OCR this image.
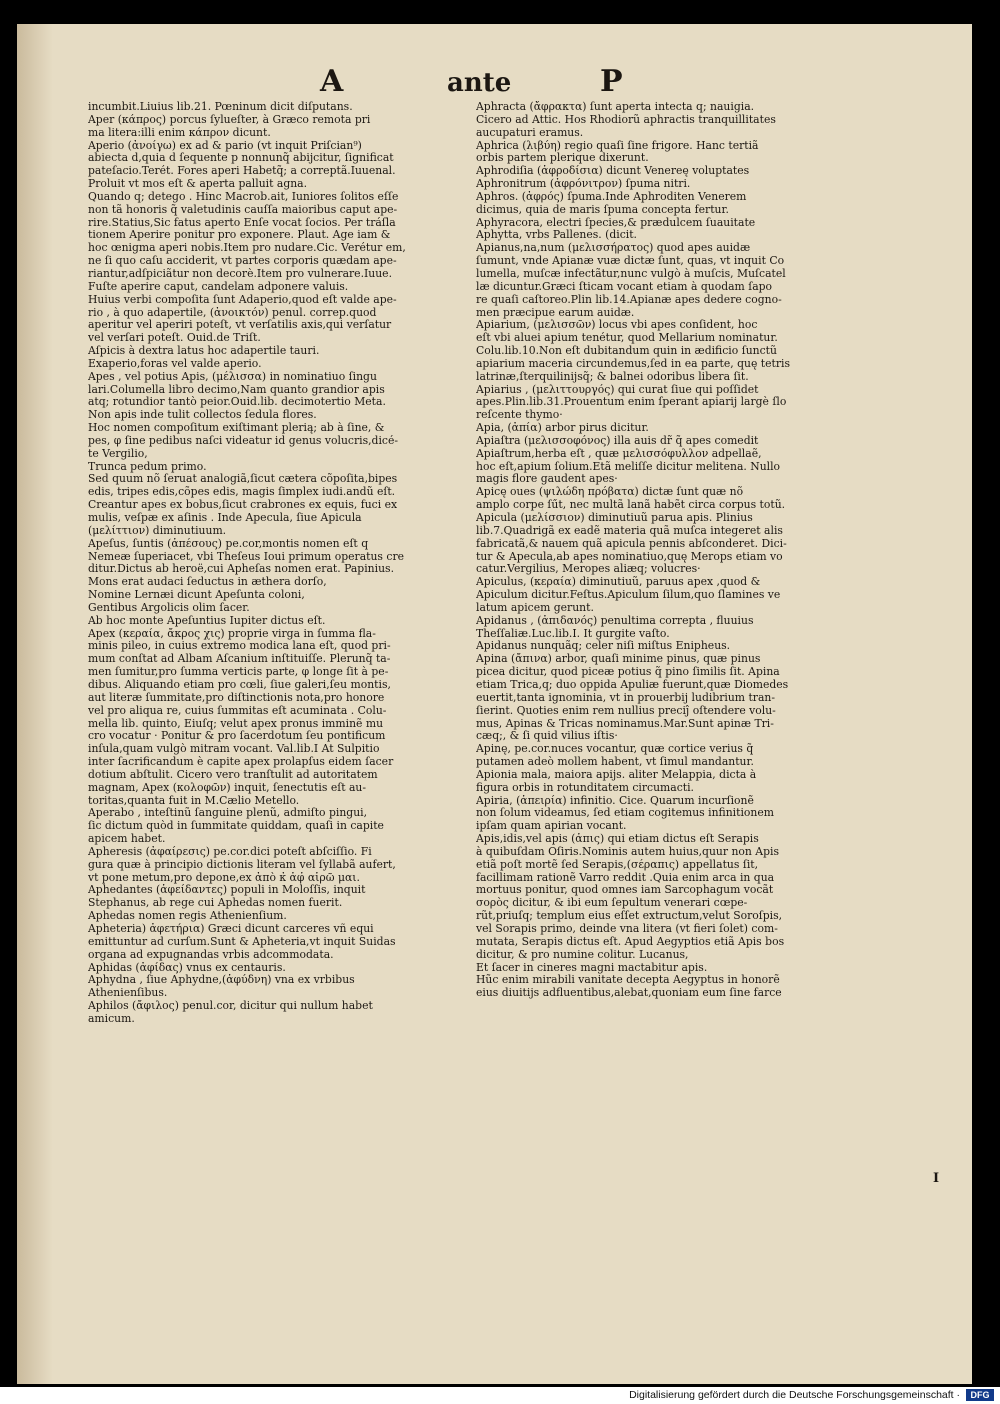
A	ante	P
incumbit.Liuius lib.21. Pœninum dicit diſputans.
Aper (κάπρος) porcus ſylueſter, à Græco remota pri
ma litera:illi enim κάπρον dicunt.
Aperio (ἀνοίγω) ex ad & pario (vt inquit Priſcian⁹)
abiecta d,quia d ſequente p nonnunq̃ abijcitur, ſignificat
pateſacio.Terét. Fores aperi Habetq̃; a correptã.Iuuenal.
Proluit vt mos eſt & aperta palluit agna.
Quando q; detego . Hinc Macrob.ait, Iuniores ſolitos eſſe
non tã honoris q̃ valetudinis cauſſa maioribus caput ape-
rire.Statius,Sic fatus aperto Enſe vocat ſocios. Per tráſla
tionem Aperire ponitur pro exponere. Plaut. Age iam &
hoc œnigma aperi nobis.Item pro nudare.Cic. Verétur em,
ne ſi quo caſu acciderit, vt partes corporis quædam ape-
riantur,adſpiciãtur non decorè.Item pro vulnerare.Iuue.
Fuſte aperire caput, candelam adponere valuis.
Huius verbi compoſita ſunt Adaperio,quod eſt valde ape-
rio , à quo adapertile, (ἀνοικτόν) penul. correp.quod
aperitur vel aperiri poteſt, vt verſatilis axis,qui verſatur
vel verſari poteſt. Ouid.de Triſt.
Aſpicis à dextra latus hoc adapertile tauri.
Exaperio,foras vel valde aperio.
Apes , vel potius Apis, (μέλισσα) in nominatiuo ſingu
lari.Columella libro decimo,Nam quanto grandior apis
atq; rotundior tantò peior.Ouid.lib. decimotertio Meta.
Non apis inde tulit collectos ſedula flores.
Hoc nomen compoſitum exiſtimant plerią; ab à ſine, &
pes, φ ſine pedibus naſci videatur id genus volucris,dicé-
te Vergilio,
Trunca pedum primo.
Sed quum nõ ſeruat analogiã,ſicut cætera cõpoſita,bipes
edis, tripes edis,cõpes edis, magis ſimplex iudi.andũ eſt.
Creantur apes ex bobus,ſicut crabrones ex equis, fuci ex
mulis, veſpæ ex aſinis . Inde Apecula, ſiue Apicula
(μελίττιον) diminutiuum.
Apeſus, ſuntis (ἀπέσους) pe.cor,montis nomen eſt q
Nemeæ ſuperiacet, vbi Theſeus Ioui primum operatus cre
ditur.Dictus ab heroë,cui Apheſas nomen erat. Papinius.
Mons erat audaci ſeductus in æthera dorſo,
Nomine Lernæi dicunt Apeſunta coloni,
Gentibus Argolicis olim ſacer.
Ab hoc monte Apeſuntius Iupiter dictus eſt.
Apex (κεραία, ἄκρος χις) proprie virga in ſumma fla-
minis pileo, in cuius extremo modica lana eſt, quod pri-
mum conſtat ad Albam Aſcanium inſtituiſſe. Plerunq̃ ta-
men ſumitur,pro ſumma verticis parte, φ longe ſit à pe-
dibus. Aliquando etiam pro cœli, ſiue galeri,ſeu montis,
aut literæ ſummitate,pro diſtinctionis nota,pro honore
vel pro aliqua re, cuius ſummitas eſt acuminata . Colu-
mella lib. quinto, Eiuſq; velut apex pronus imminẽ mu
cro vocatur · Ponitur & pro ſacerdotum ſeu pontificum
inſula,quam vulgò mitram vocant. Val.lib.I At Sulpitio
inter ſacrificandum è capite apex prolapſus eidem ſacer
dotium abſtulit. Cicero vero tranſtulit ad autoritatem
magnam, Apex (κολοφῶν) inquit, ſenectutis eſt au-
toritas,quanta fuit in M.Cælio Metello.
Aperabo , inteſtinũ ſanguine plenũ, admiſto pingui,
ſic dictum quòd in ſummitate quiddam, quaſi in capite
apicem habet.
Apheresis (ἀφαίρεσις) pe.cor.dici poteſt abſciſſio. Fi
gura quæ à principio dictionis literam vel ſyllabã aufert,
vt pone metum,pro depone,ex ἀπὸ κ̔ ἀφ̓ αἱρῶ μαι.
Aphedantes (ἀφείδαντες) populi in Moloſſis, inquit
Stephanus, ab rege cui Aphedas nomen fuerit.
Aphedas nomen regis Athenienſium.
Apheteria) ἀφετήρια) Græci dicunt carceres vñ equi
emittuntur ad curſum.Sunt & Apheteria,vt inquit Suidas
organa ad expugnandas vrbis adcommodata.
Aphidas (ἀφίδας) vnus ex centauris.
Aphydna , ſiue Aphydne,(ἀφύδνη) vna ex vrbibus
Athenienſibus.
Aphilos (ἄφιλος) penul.cor, dicitur qui nullum habet
amicum.
Aphracta (ἄφρακτα) ſunt aperta intecta q; nauigia.
Cicero ad Attic. Hos Rhodiorũ aphractis tranquillitates
aucupaturi eramus.
Aphrica (λιβύη) regio quaſi ſine frigore. Hanc tertiã
orbis partem plerique dixerunt.
Aphrodiſia (ἀφροδίσια) dicunt Venereę voluptates
Aphronitrum (ἀφρόνιτρον) ſpuma nitri.
Aphros. (ἀφρός) ſpuma.Inde Aphroditen Venerem
dicimus, quia de maris ſpuma concepta fertur.
Aphyracora, electri ſpecies,& prædulcem ſuauitate
Aphytta, vrbs Pallenes. (dicit.
Apianus,na,num (μελισσήρατος) quod apes auidæ
ſumunt, vnde Apianæ vuæ dictæ ſunt, quas, vt inquit Co
lumella, muſcæ infectãtur,nunc vulgò à muſcis, Muſcatel
læ dicuntur.Græci ſticam vocant etiam à quodam ſapo
re quaſi caſtoreo.Plin lib.14.Apianæ apes dedere cogno-
men præcipue earum auidæ.
Apiarium, (μελισσῶν) locus vbi apes conſident, hoc
eſt vbi aluei apium tenétur, quod Mellarium nominatur.
Colu.lib.10.Non eſt dubitandum quin in ædificio ſunctũ
apiarium maceria circundemus,ſed in ea parte, quę tetris
latrinæ,ſterquilinijsq̃; & balnei odoribus libera ſit.
Apiarius , (μελιττουργός) qui curat ſiue qui poſſidet
apes.Plin.lib.31.Prouentum enim ſperant apiarij largè ſlo
reſcente thymo·
Apia, (ἀπία) arbor pirus dicitur.
Apiaſtra (μελισσοφόνος) illa auis dr̃ q̃ apes comedit
Apiaſtrum,herba eſt , quæ μελισσόφυλλον adpellaẽ,
hoc eſt,apium ſolium.Etã meliſſe dicitur melitena. Nullo
magis flore gaudent apes·
Apicę oues (ψιλώδη πρόβατα) dictæ ſunt quæ nõ
amplo corpe ſűt, nec multã lanã habẽt circa corpus totũ.
Apicula (μελίσσιον) diminutiuũ parua apis. Plinius
lib.7.Quadrigã ex eadẽ materia quã muſca integeret alis
fabricatã,& nauem quã apicula pennis abſconderet. Dici-
tur & Apecula,ab apes nominatiuo,quę Merops etiam vo
catur.Vergilius, Meropes aliæq; volucres·
Apiculus, (κεραία) diminutiuũ, paruus apex ,quod &
Apiculum dicitur.Feſtus.Apiculum ſilum,quo ſlamines ve
latum apicem gerunt.
Apidanus , (ἀπιδανός) penultima correpta , fluuius
Theſſaliæ.Luc.lib.I. It gurgite vaſto.
Apidanus nunquãq; celer niſi miſtus Enipheus.
Apina (ἄπινα) arbor, quaſi minime pinus, quæ pinus
picea dicitur, quod piceæ potius q̃ pino ſimilis ſit. Apina
etiam Trica,q; duo oppida Apuliæ fuerunt,quæ Diomedes
euertit,tanta ignominia, vt in prouerbij ludibrium tran-
ſierint. Quoties enim rem nullius preciĵ oſtendere volu-
mus, Apinas & Tricas nominamus.Mar.Sunt apinæ Tri-
cæq;, & ſi quid vilius iſtis·
Apinę, pe.cor.nuces vocantur, quæ cortice verius q̃
putamen adeò mollem habent, vt ſimul mandantur.
Apionia mala, maiora apijs. aliter Melappia, dicta à
figura orbis in rotunditatem circumacti.
Apiria, (ἀπειρία) infinitio. Cice. Quarum incurſionẽ
non ſolum videamus, ſed etiam cogitemus infinitionem
ipſam quam apirian vocant.
Apis,idis,vel apis (ἆπις) qui etiam dictus eſt Serapis
à quibuſdam Oſiris.Nominis autem huius,quur non Apis
etiã poſt mortẽ ſed Serapis,(σέραπις) appellatus ſit,
facillimam rationẽ Varro reddit .Quia enim arca in qua
mortuus ponitur, quod omnes iam Sarcophagum vocãt
σορὸς dicitur, & ibi eum ſepultum venerari cœpe-
rũt,priuſq; templum eius eſſet extructum,velut Soroſpis,
vel Sorapis primo, deinde vna litera (vt fieri ſolet) com-
mutata, Serapis dictus eſt. Apud Aegyptios etiã Apis bos
dicitur, & pro numine colitur. Lucanus,
Et ſacer in cineres magni mactabitur apis.
Hũc enim mirabili vanitate decepta Aegyptus in honorẽ
eius diuitijs adfluentibus,alebat,quoniam eum ſine farce
I
Digitalisierung gefördert durch die Deutsche Forschungsgemeinschaft ·	DFG
